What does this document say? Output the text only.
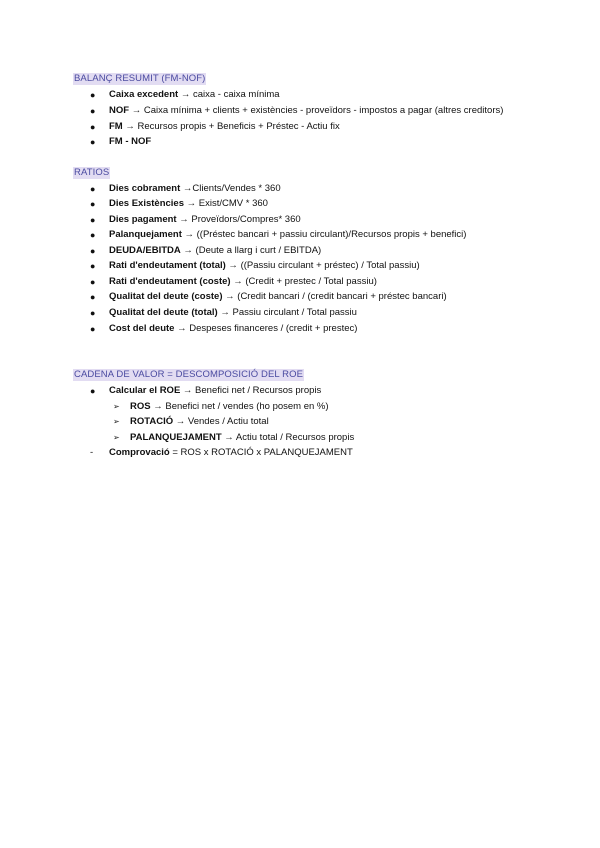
BALANÇ RESUMIT (FM-NOF)
● Caixa excedent → caixa - caixa mínima
● NOF → Caixa mínima + clients + existències - proveïdors - impostos a pagar (altres creditors)
● FM → Recursos propis + Beneficis + Préstec - Actiu fix
● FM - NOF
RATIOS
● Dies cobrament →Clients/Vendes * 360
● Dies Existències → Exist/CMV * 360
● Dies pagament → Proveïdors/Compres* 360
● Palanquejament → ((Préstec bancari + passiu circulant)/Recursos propis + benefici)
● DEUDA/EBITDA → (Deute a llarg i curt / EBITDA)
● Rati d'endeutament (total) → ((Passiu circulant + préstec) / Total passiu)
● Rati d'endeutament (coste) → (Credit + prestec / Total passiu)
● Qualitat del deute (coste) → (Credit bancari / (credit bancari + préstec bancari)
● Qualitat del deute (total) → Passiu circulant / Total passiu
● Cost del deute → Despeses financeres / (credit + prestec)
CADENA DE VALOR = DESCOMPOSICIÓ DEL ROE
● Calcular el ROE → Benefici net / Recursos propis
➢ ROS → Benefici net / vendes (ho posem en %)
➢ ROTACIÓ → Vendes / Actiu total
➢ PALANQUEJAMENT → Actiu total / Recursos propis
- Comprovació = ROS x ROTACIÓ x PALANQUEJAMENT
